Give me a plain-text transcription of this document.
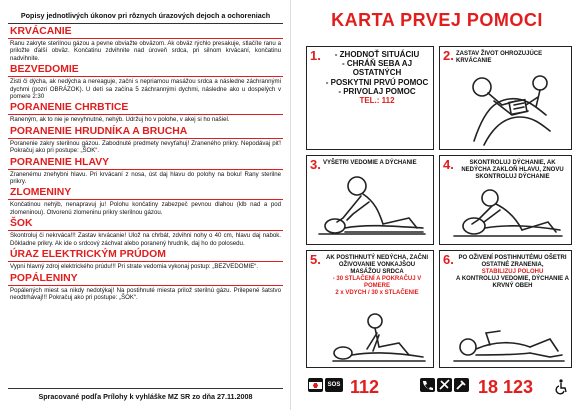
Popisy jednotlivých úkonov pri rôznych úrazových dejoch a ochoreniach
KRVÁCANIE
Ranu zakryte sterilnou gázou a pevne obviažte obväzom. Ak obväz rýchlo presakuje, stlačíte ranu a priložte ďalší obväz. Končatinu zdvihnite nad úroveň srdca, pri silnom krvácaní, končatinu nadvihnite.
BEZVEDOMIE
Zisti či dýcha, ak nedýcha a nereaguje, začni s nepriamou masážou srdca a následne záchrannými dychmi (pozri OBRÁZOK). U detí sa začína 5 záchrannými dychmi, následne ako u dospelých v pomere 2:30
PORANENIE CHRBTICE
Raneným, ak to nie je nevyhnutné, nehýb. Udržuj ho v polohe, v akej si ho našiel.
PORANENIE HRUDNÍKA A BRUCHA
Poranenie zakry sterilnou gázou. Zabodnuté predmety nevyťahuj! Zraneného prikry. Nepodávaj piť! Pokračuj ako pri postupe: „ŠOK“.
PORANENIE HLAVY
Zranenému znehybni hlavu. Pri krvácaní z nosa, úst daj hlavu do polohy na boku! Rany sterilne prikry.
ZLOMENINY
Končatinou nehýb, nenapravuj ju! Polohu končatiny zabezpeč pevnou dlahou (klb nad a pod zlomeninou). Otvorenú zlomeninu prikry sterilnou gázou.
ŠOK
Skontroluj či nekrváca!!! Zastav krvácanie! Ulož na chrbát, zdvihni nohy o 40 cm, hlavu daj nabok. Dôkladne prikry. Ak ide o srdcový záchvat alebo poranený hrudník, daj ho do polosedu.
ÚRAZ ELEKTRICKÝM PRÚDOM
Vypni hlavný zdroj elektrického prúdu!!! Pri strate vedomia vykonaj postup: „BEZVEDOMIE“.
POPÁLENINY
Popálených miest sa nikdy nedotýkaj! Na postihnuté miesta prilož sterilnú gázu. Prilepené šatstvo neodtrhávaj!!! Pokračuj ako pri postupe: „ŠOK“.
Spracované podľa Prílohy k vyhláške MZ SR zo dňa 27.11.2008
KARTA PRVEJ POMOCI
1.	- ZHODNOŤ SITUÁCIU
- CHRÁŇ SEBA AJ OSTATNÝCH
- POSKYTNI PRVÚ POMOC
- PRIVOLAJ POMOC
TEL.: 112
2. ZASTAV ŽIVOT OHROZUJÚCE KRVÁCANIE
3. VYŠETRI VEDOMIE A DÝCHANIE	4.	SKONTROLUJ DÝCHANIE, AK NEDÝCHA ZAKLOŇ HLAVU, ZNOVU SKONTROLUJ DÝCHANIE
5. AK POSTIHNUTÝ NEDÝCHA, ZAČNI OŽIVOVANIE VONKAJŠOU MASÁŽOU SRDCA
- 30 STLAČENÍ A POKRAČUJ V POMERE
2 x VDYCH / 30 x STLAČENIE
6. PO OŽIVENÍ POSTIHNUTÉMU OŠETRI OSTATNÉ ZRANENIA,
STABILIZUJ POLOHU
A KONTROLUJ VEDOMIE, DÝCHANIE A KRVNÝ OBEH
SOS 112	18 123
